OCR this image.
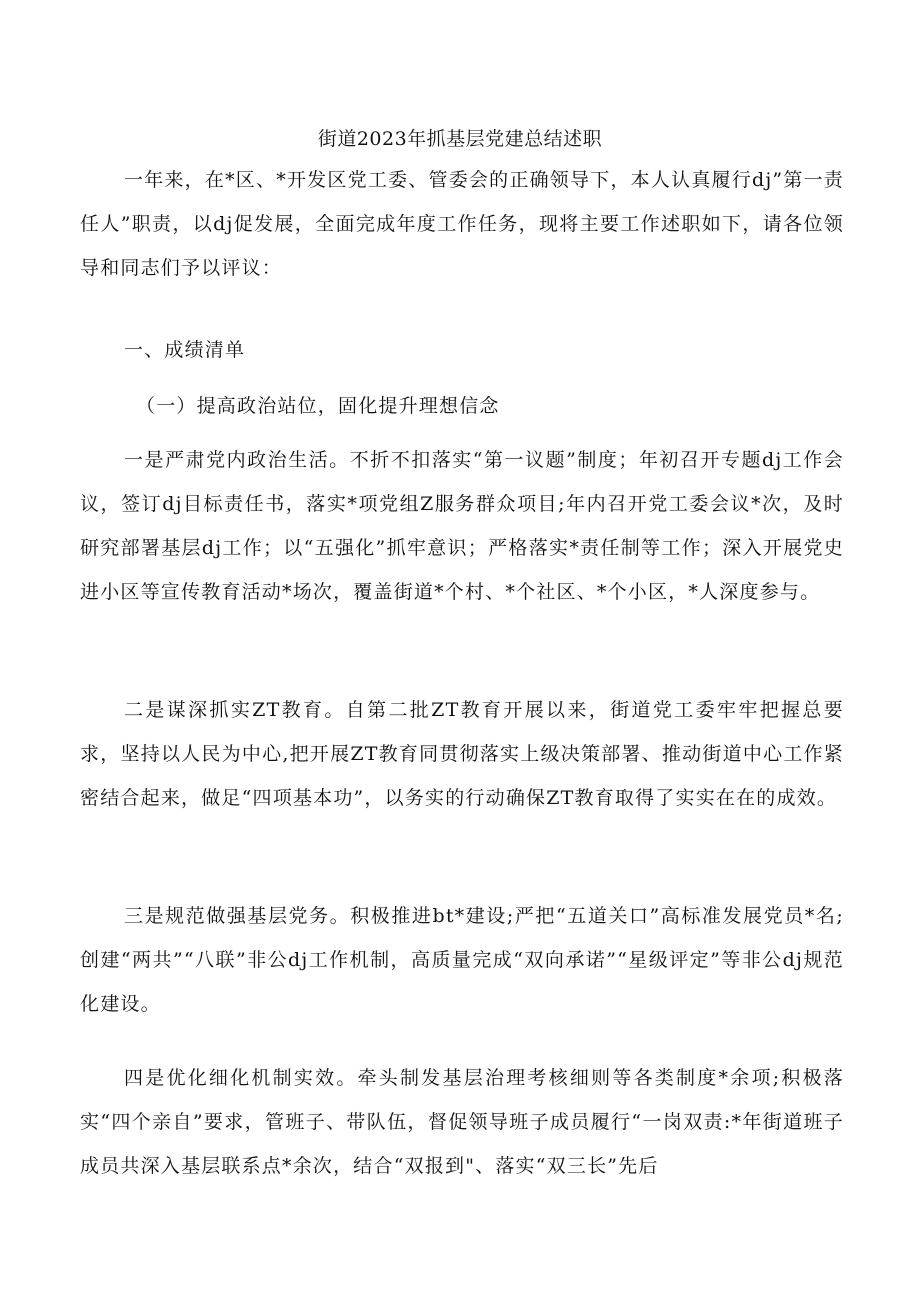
街道2023年抓基层党建总结述职

一年来，在*区、*开发区党工委、管委会的正确领导下，本人认真履行dj”第一责任人”职责，以dj促发展，全面完成年度工作任务，现将主要工作述职如下，请各位领导和同志们予以评议：

一、成绩清单

（一）提高政治站位，固化提升理想信念

一是严肃党内政治生活。不折不扣落实“第一议题”制度；年初召开专题dj工作会议，签订dj目标责任书，落实*项党组Z服务群众项目;年内召开党工委会议*次，及时研究部署基层dj工作；以“五强化”抓牢意识；严格落实*责任制等工作；深入开展党史进小区等宣传教育活动*场次，覆盖街道*个村、*个社区、*个小区，*人深度参与。

二是谋深抓实ZT教育。自第二批ZT教育开展以来，街道党工委牢牢把握总要求，坚持以人民为中心,把开展ZT教育同贯彻落实上级决策部署、推动街道中心工作紧密结合起来，做足“四项基本功”，以务实的行动确保ZT教育取得了实实在在的成效。

三是规范做强基层党务。积极推进bt*建设;严把“五道关口”高标准发展党员*名;创建“两共”“八联”非公dj工作机制，高质量完成“双向承诺”“星级评定”等非公dj规范化建设。

四是优化细化机制实效。牵头制发基层治理考核细则等各类制度*余项;积极落实“四个亲自”要求，管班子、带队伍，督促领导班子成员履行“一岗双责:*年街道班子成员共深入基层联系点*余次，结合“双报到"、落实“双三长”先后
